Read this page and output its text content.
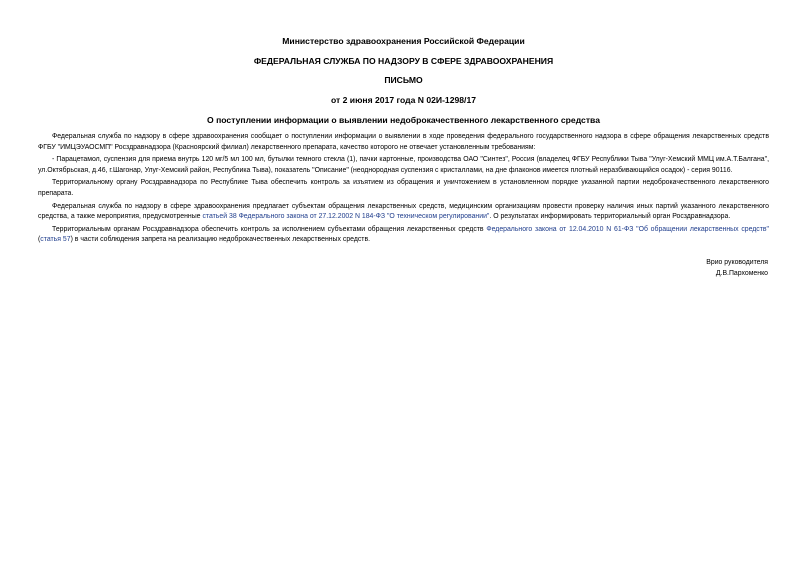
Министерство здравоохранения Российской Федерации
ФЕДЕРАЛЬНАЯ СЛУЖБА ПО НАДЗОРУ В СФЕРЕ ЗДРАВООХРАНЕНИЯ
ПИСЬМО
от 2 июня 2017 года N 02И-1298/17
О поступлении информации о выявлении недоброкачественного лекарственного средства

Федеральная служба по надзору в сфере здравоохранения сообщает о поступлении информации о выявлении в ходе проведения федерального государственного надзора в сфере обращения лекарственных средств ФГБУ "ИМЦЭУАОСМП" Росздравнадзора (Красноярский филиал) лекарственного препарата, качество которого не отвечает установленным требованиям:

- Парацетамол, суспензия для приема внутрь 120 мг/5 мл 100 мл, бутылки темного стекла (1), пачки картонные, производства ОАО "Синтез", Россия (владелец ФГБУ Республики Тыва "Улуг-Хемский ММЦ им.А.Т.Балгана", ул.Октябрьская, д.46, г.Шагонар, Улуг-Хемский район, Республика Тыва), показатель "Описание" (неоднородная суспензия с кристаллами, на дне флаконов имеется плотный неразбивающийся осадок) - серия 90116.

Территориальному органу Росздравнадзора по Республике Тыва обеспечить контроль за изъятием из обращения и уничтожением в установленном порядке указанной партии недоброкачественного лекарственного препарата.

Федеральная служба по надзору в сфере здравоохранения предлагает субъектам обращения лекарственных средств, медицинским организациям провести проверку наличия иных партий указанного лекарственного средства, а также мероприятия, предусмотренные статьей 38 Федерального закона от 27.12.2002 N 184-ФЗ "О техническом регулировании". О результатах информировать территориальный орган Росздравнадзора.

Территориальным органам Росздравнадзора обеспечить контроль за исполнением субъектами обращения лекарственных средств Федерального закона от 12.04.2010 N 61-ФЗ "Об обращении лекарственных средств" (статья 57) в части соблюдения запрета на реализацию недоброкачественных лекарственных средств.

Врио руководителя
Д.В.Пархоменко
